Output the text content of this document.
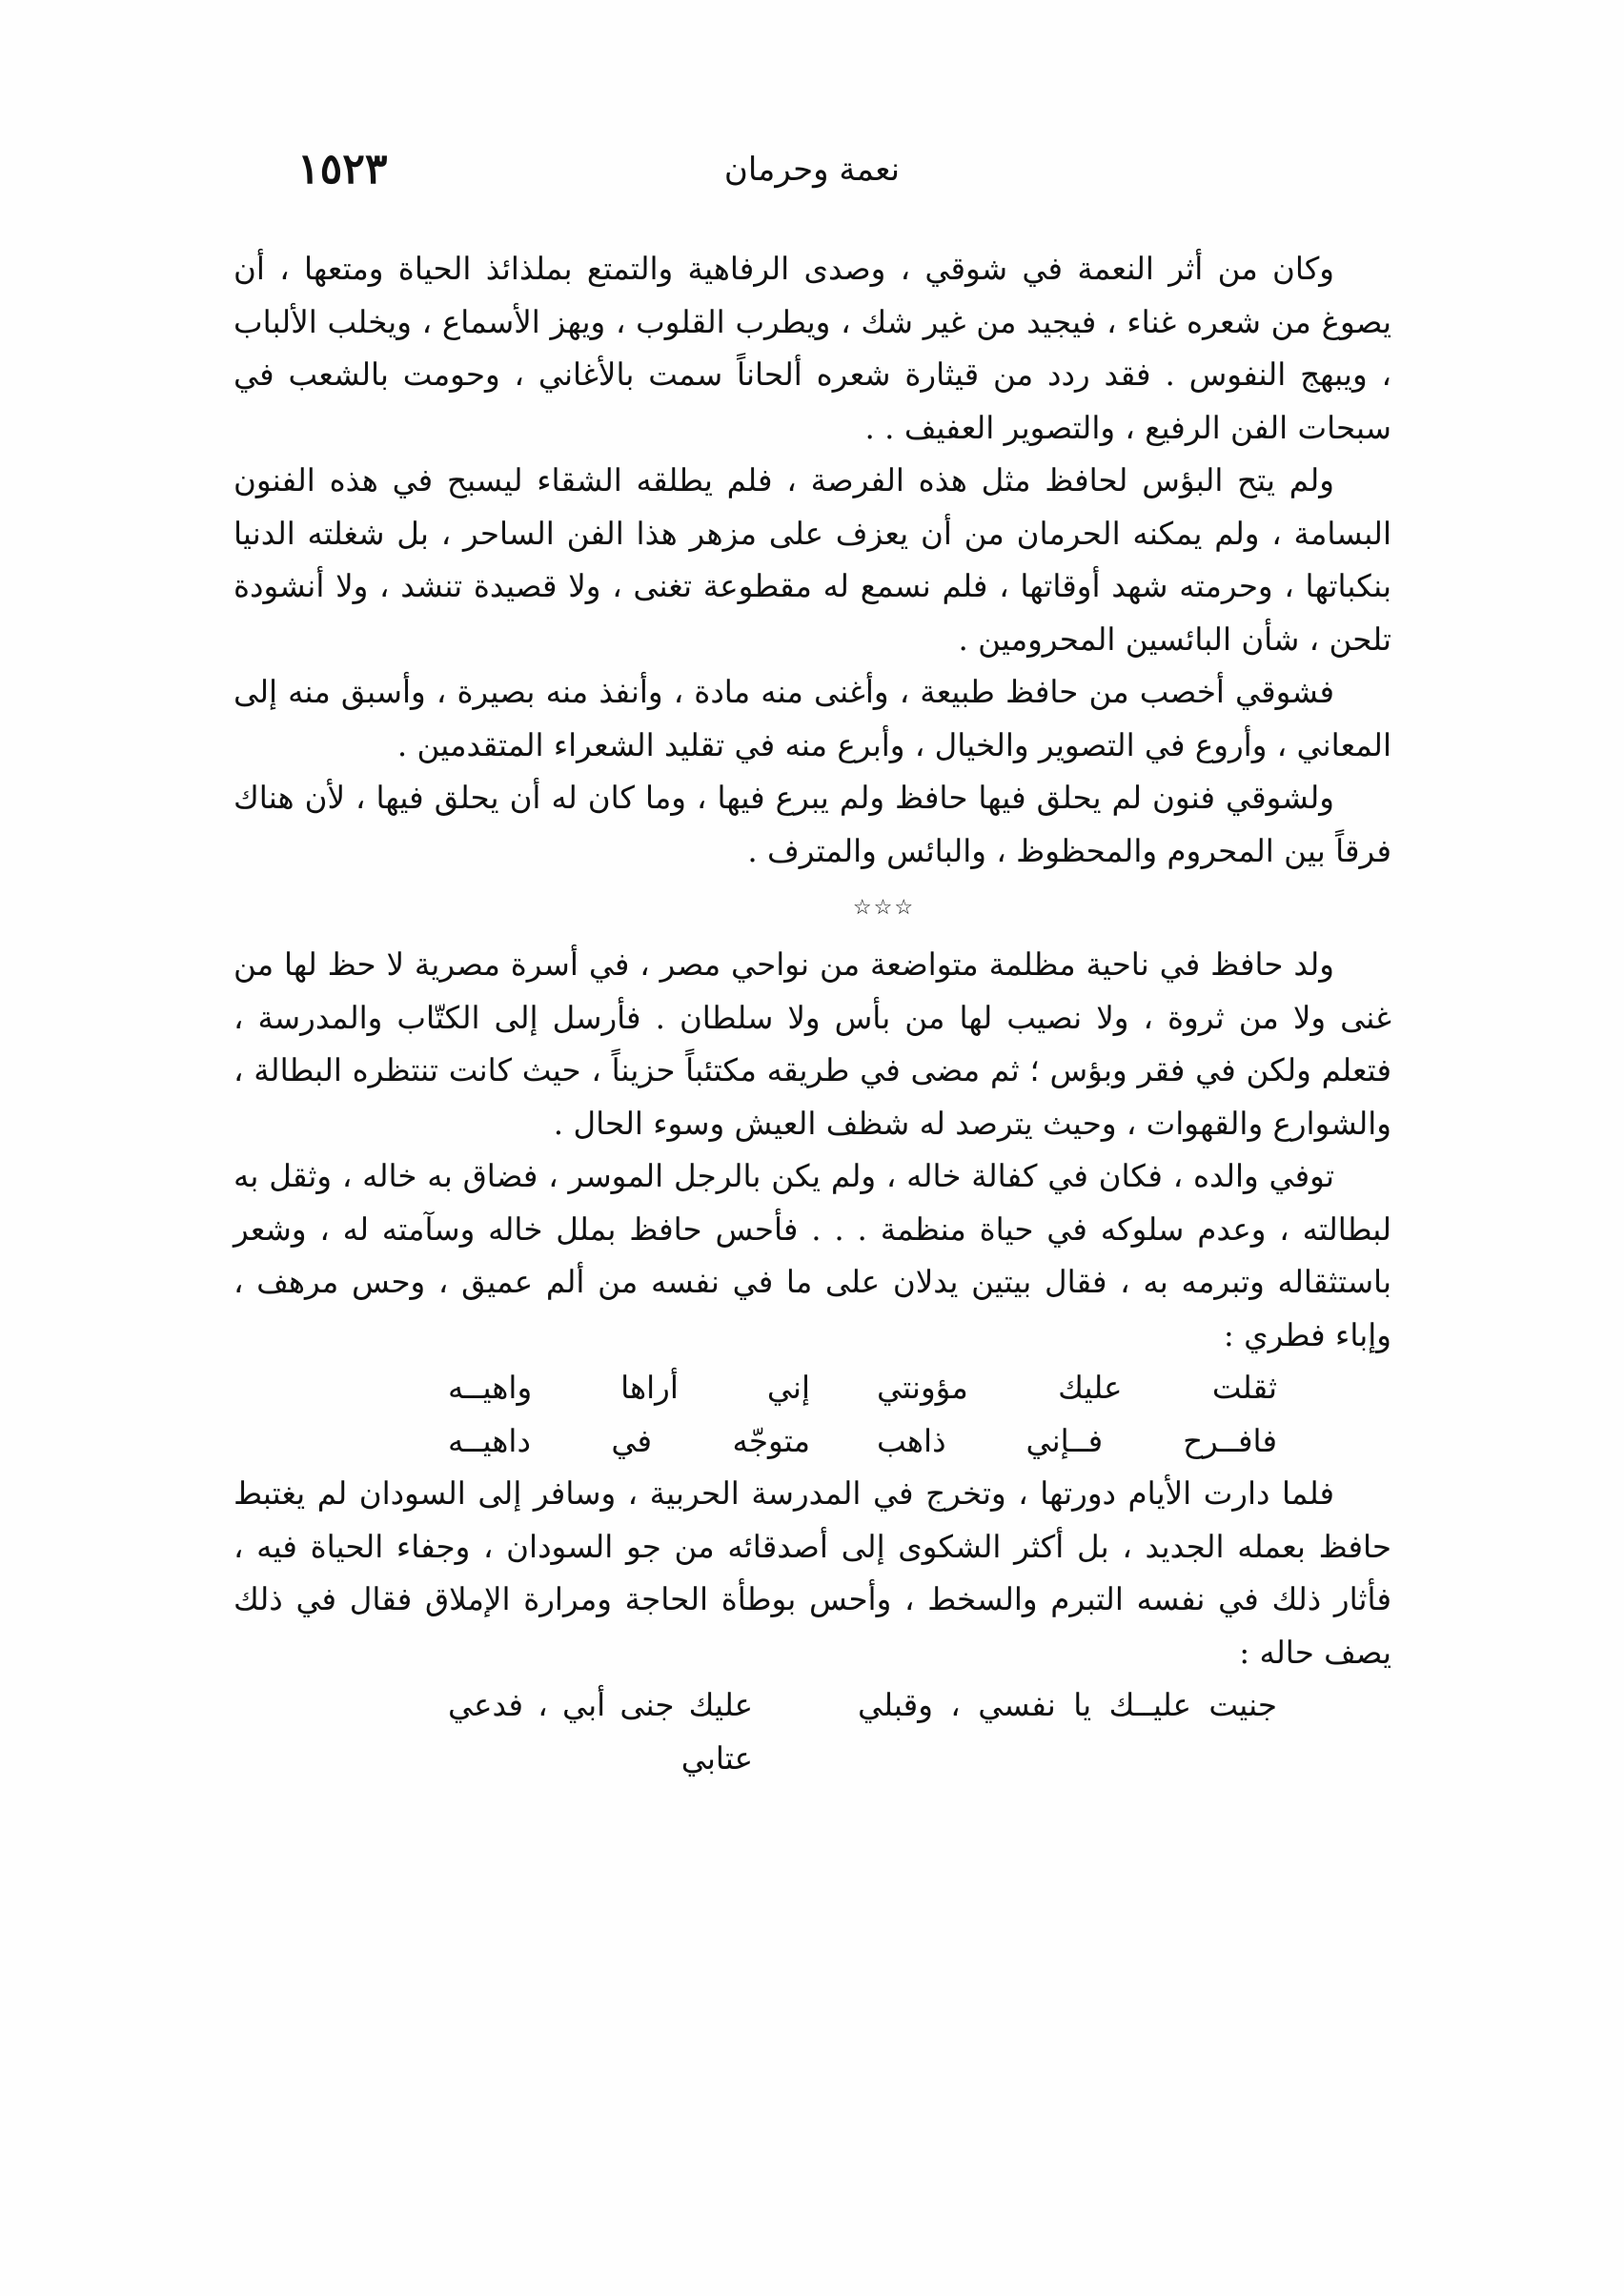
نعمة وحرمان
١٥٢٣

وكان من أثر النعمة في شوقي ، وصدى الرفاهية والتمتع بملذائذ الحياة ومتعها ، أن يصوغ من شعره غناء ، فيجيد من غير شك ، ويطرب القلوب ، ويهز الأسماع ، ويخلب الألباب ، ويبهج النفوس . فقد ردد من قيثارة شعره ألحاناً سمت بالأغاني ، وحومت بالشعب في سبحات الفن الرفيع ، والتصوير العفيف . .

ولم يتح البؤس لحافظ مثل هذه الفرصة ، فلم يطلقه الشقاء ليسبح في هذه الفنون البسامة ، ولم يمكنه الحرمان من أن يعزف على مزهر هذا الفن الساحر ، بل شغلته الدنيا بنكباتها ، وحرمته شهد أوقاتها ، فلم نسمع له مقطوعة تغنى ، ولا قصيدة تنشد ، ولا أنشودة تلحن ، شأن البائسين المحرومين .

فشوقي أخصب من حافظ طبيعة ، وأغنى منه مادة ، وأنفذ منه بصيرة ، وأسبق منه إلى المعاني ، وأروع في التصوير والخيال ، وأبرع منه في تقليد الشعراء المتقدمين .

ولشوقي فنون لم يحلق فيها حافظ ولم يبرع فيها ، وما كان له أن يحلق فيها ، لأن هناك فرقاً بين المحروم والمحظوظ ، والبائس والمترف .

☆☆☆

ولد حافظ في ناحية مظلمة متواضعة من نواحي مصر ، في أسرة مصرية لا حظ لها من غنى ولا من ثروة ، ولا نصيب لها من بأس ولا سلطان . فأرسل إلى الكتّاب والمدرسة ، فتعلم ولكن في فقر وبؤس ؛ ثم مضى في طريقه مكتئباً حزيناً ، حيث كانت تنتظره البطالة ، والشوارع والقهوات ، وحيث يترصد له شظف العيش وسوء الحال .

توفي والده ، فكان في كفالة خاله ، ولم يكن بالرجل الموسر ، فضاق به خاله ، وثقل به لبطالته ، وعدم سلوكه في حياة منظمة . . . فأحس حافظ بملل خاله وسآمته له ، وشعر باستثقاله وتبرمه به ، فقال بيتين يدلان على ما في نفسه من ألم عميق ، وحس مرهف ، وإباء فطري :

ثقلت عليك مؤونتي
إني أراها واهيــه
فافــرح فــإني ذاهب
متوجّه في داهيــه

فلما دارت الأيام دورتها ، وتخرج في المدرسة الحربية ، وسافر إلى السودان لم يغتبط حافظ بعمله الجديد ، بل أكثر الشكوى إلى أصدقائه من جو السودان ، وجفاء الحياة فيه ، فأثار ذلك في نفسه التبرم والسخط ، وأحس بوطأة الحاجة ومرارة الإملاق فقال في ذلك يصف حاله :

جنيت عليــك يا نفسي ، وقبلي
عليك جنى أبي ، فدعي عتابي
